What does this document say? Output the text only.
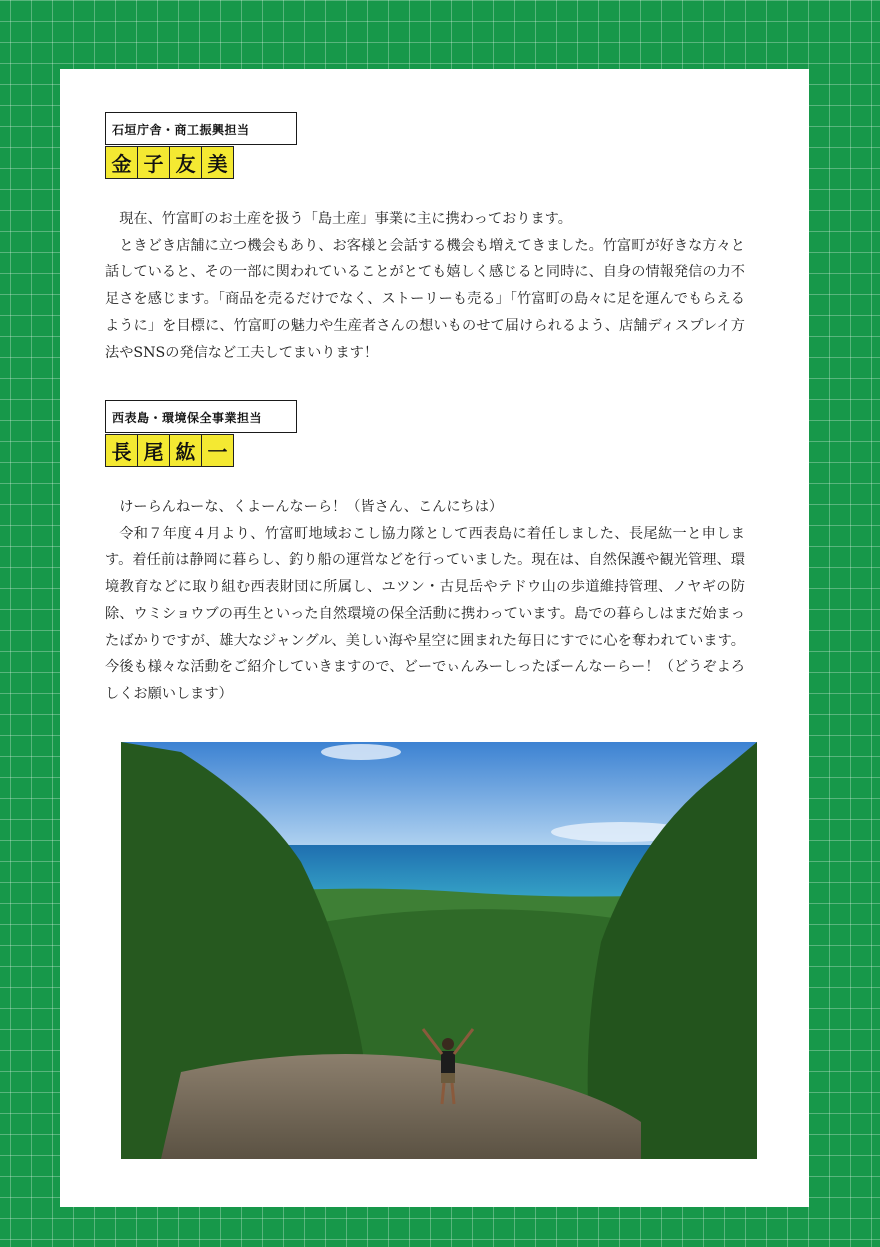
石垣庁舎・商工振興担当
金 子 友 美

現在、竹富町のお土産を扱う「島土産」事業に主に携わっております。

ときどき店舗に立つ機会もあり、お客様と会話する機会も増えてきました。竹富町が好きな方々と話していると、その一部に関われていることがとても嬉しく感じると同時に、自身の情報発信の力不足さを感じます。「商品を売るだけでなく、ストーリーも売る」「竹富町の島々に足を運んでもらえるように」を目標に、竹富町の魅力や生産者さんの想いものせて届けられるよう、店舗ディスプレイ方法やSNSの発信など工夫してまいります！

西表島・環境保全事業担当
長 尾 紘 一

けーらんねーな、くよーんなーら！（皆さん、こんにちは）

令和７年度４月より、竹富町地域おこし協力隊として西表島に着任しました、長尾紘一と申します。着任前は静岡に暮らし、釣り船の運営などを行っていました。現在は、自然保護や観光管理、環境教育などに取り組む西表財団に所属し、ユツン・古見岳やテドウ山の歩道維持管理、ノヤギの防除、ウミショウブの再生といった自然環境の保全活動に携わっています。島での暮らしはまだ始まったばかりですが、雄大なジャングル、美しい海や星空に囲まれた毎日にすでに心を奪われています。今後も様々な活動をご紹介していきますので、どーでぃんみーしったぼーんなーらー！（どうぞよろしくお願いします）
